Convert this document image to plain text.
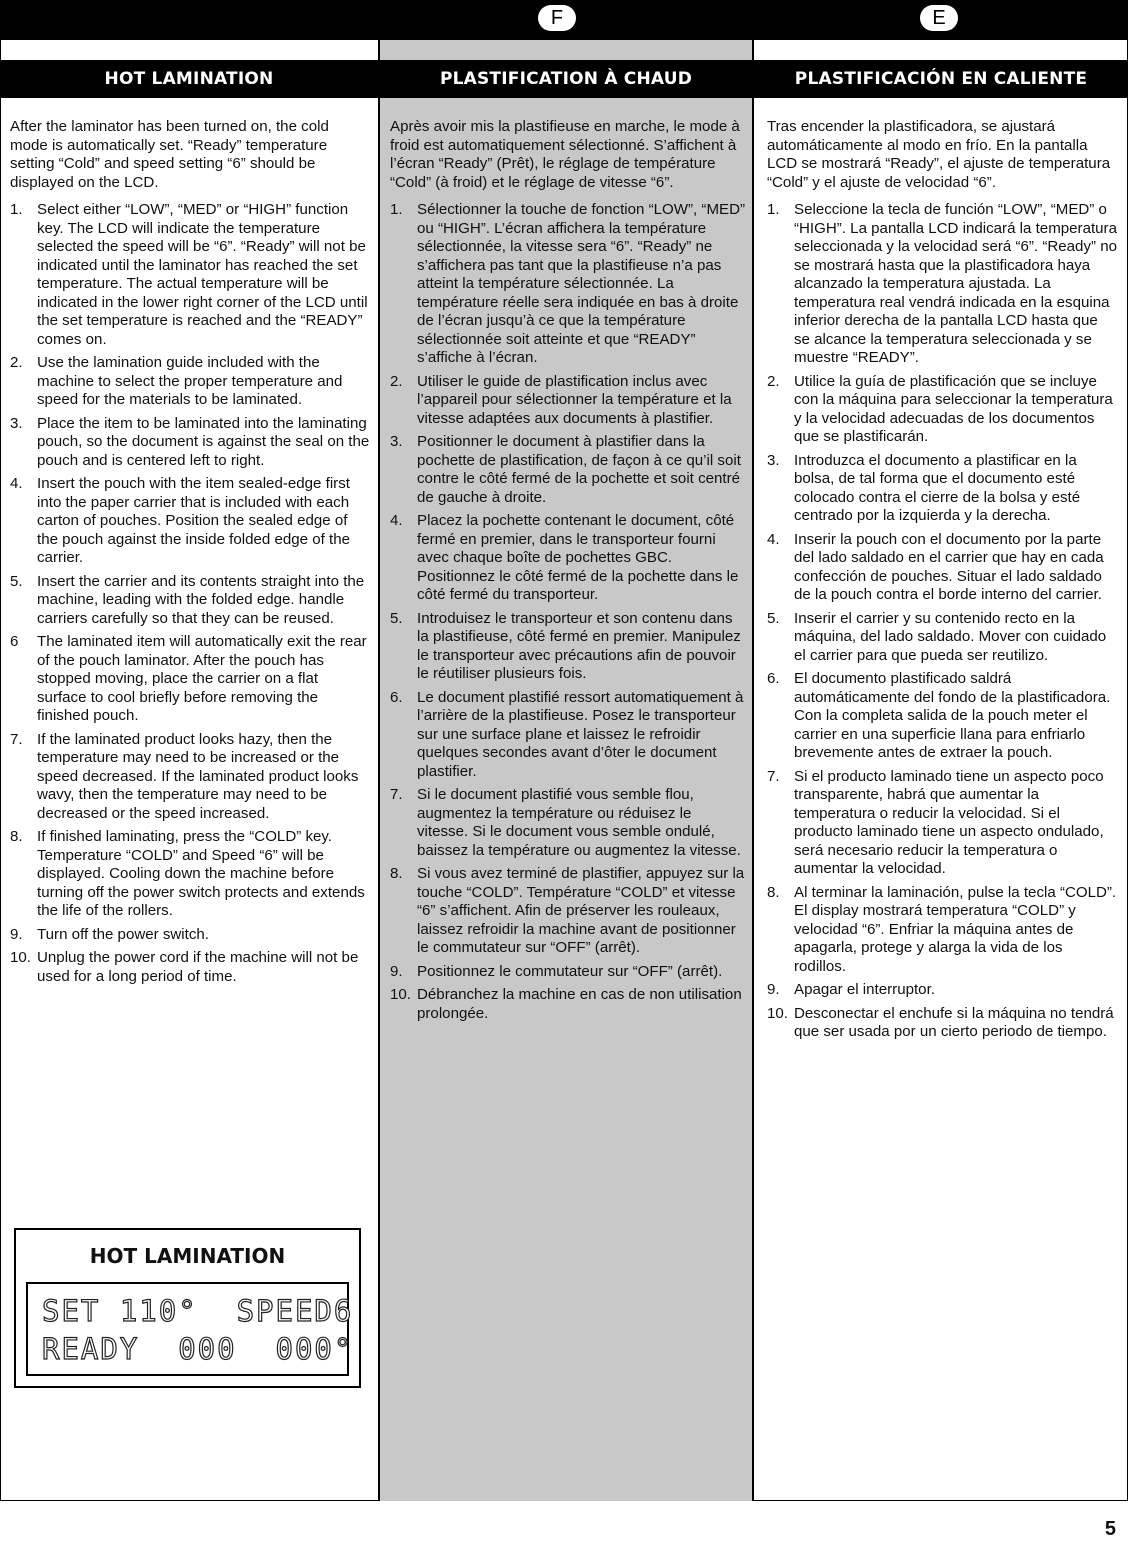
F	E
HOT LAMINATION	PLASTIFICATION À CHAUD	PLASTIFICACIÓN EN CALIENTE

After the laminator has been turned on, the cold mode is automatically set. “Ready” temperature setting “Cold” and speed setting “6” should be displayed on the LCD.

1. Select either “LOW”, “MED” or “HIGH” function key. The LCD will indicate the temperature selected the speed will be “6”. “Ready” will not be indicated until the laminator has reached the set temperature. The actual temperature will be indicated in the lower right corner of the LCD until the set temperature is reached and the “READY” comes on.
2. Use the lamination guide included with the machine to select the proper temperature and speed for the materials to be laminated.
3. Place the item to be laminated into the laminating pouch, so the document is against the seal on the pouch and is centered left to right.
4. Insert the pouch with the item sealed-edge first into the paper carrier that is included with each carton of pouches. Position the sealed edge of the pouch against the inside folded edge of the carrier.
5. Insert the carrier and its contents straight into the machine, leading with the folded edge. handle carriers carefully so that they can be reused.
6	The laminated item will automatically exit the rear of the pouch laminator. After the pouch has stopped moving, place the carrier on a flat surface to cool briefly before removing the finished pouch.
7. If the laminated product looks hazy, then the temperature may need to be increased or the speed decreased. If the laminated product looks wavy, then the temperature may need to be decreased or the speed increased.
8. If finished laminating, press the “COLD” key. Temperature “COLD” and Speed “6” will be displayed. Cooling down the machine before turning off the power switch protects and extends the life of the rollers.
9. Turn off the power switch.
10. Unplug the power cord if the machine will not be used for a long period of time.

Après avoir mis la plastifieuse en marche, le mode à froid est automatiquement sélectionné. S’affichent à l’écran “Ready” (Prêt), le réglage de température “Cold” (à froid) et le réglage de vitesse “6”.

1. Sélectionner la touche de fonction “LOW”, “MED” ou “HIGH”. L’écran affichera la température sélectionnée, la vitesse sera “6”. “Ready” ne s’affichera pas tant que la plastifieuse n’a pas atteint la température sélectionnée. La température réelle sera indiquée en bas à droite de l’écran jusqu’à ce que la température sélectionnée soit atteinte et que “READY” s’affiche à l’écran.
2. Utiliser le guide de plastification inclus avec l’appareil pour sélectionner la température et la vitesse adaptées aux documents à plastifier.
3. Positionner le document à plastifier dans la pochette de plastification, de façon à ce qu’il soit contre le côté fermé de la pochette et soit centré de gauche à droite.
4. Placez la pochette contenant le document, côté fermé en premier, dans le transporteur fourni avec chaque boîte de pochettes GBC. Positionnez le côté fermé de la pochette dans le côté fermé du transporteur.
5. Introduisez le transporteur et son contenu dans la plastifieuse, côté fermé en premier. Manipulez le transporteur avec précautions afin de pouvoir le réutiliser plusieurs fois.
6. Le document plastifié ressort automatiquement à l’arrière de la plastifieuse. Posez le transporteur sur une surface plane et laissez le refroidir quelques secondes avant d’ôter le document plastifier.
7. Si le document plastifié vous semble flou, augmentez la température ou réduisez le vitesse. Si le document vous semble ondulé, baissez la température ou augmentez la vitesse.
8. Si vous avez terminé de plastifier, appuyez sur la touche “COLD”. Température “COLD” et vitesse “6” s’affichent. Afin de préserver les rouleaux, laissez refroidir la machine avant de positionner le commutateur sur “OFF” (arrêt).
9. Positionnez le commutateur sur “OFF” (arrêt).
10. Débranchez la machine en cas de non utilisation prolongée.

Tras encender la plastificadora, se ajustará automáticamente al modo en frío. En la pantalla LCD se mostrará “Ready”, el ajuste de temperatura “Cold” y el ajuste de velocidad “6”.

1. Seleccione la tecla de función “LOW”, “MED” o “HIGH”. La pantalla LCD indicará la temperatura seleccionada y la velocidad será “6”. “Ready” no se mostrará hasta que la plastificadora haya alcanzado la temperatura ajustada. La temperatura real vendrá indicada en la esquina inferior derecha de la pantalla LCD hasta que se alcance la temperatura seleccionada y se muestre “READY”.
2. Utilice la guía de plastificación que se incluye con la máquina para seleccionar la temperatura y la velocidad adecuadas de los documentos que se plastificarán.
3. Introduzca el documento a plastificar en la bolsa, de tal forma que el documento esté colocado contra el cierre de la bolsa y esté centrado por la izquierda y la derecha.
4. Inserir la pouch con el documento por la parte del lado saldado en el carrier que hay en cada confección de pouches. Situar el lado saldado de la pouch contra el borde interno del carrier.
5. Inserir el carrier y su contenido recto en la máquina, del lado saldado. Mover con cuidado el carrier para que pueda ser reutilizo.
6. El documento plastificado saldrá automáticamente del fondo de la plastificadora. Con la completa salida de la pouch meter el carrier en una superficie llana para enfriarlo brevemente antes de extraer la pouch.
7. Si el producto laminado tiene un aspecto poco transparente, habrá que aumentar la temperatura o reducir la velocidad. Si el producto laminado tiene un aspecto ondulado, será necesario reducir la temperatura o aumentar la velocidad.
8. Al terminar la laminación, pulse la tecla “COLD”. El display mostrará temperatura “COLD” y velocidad “6”. Enfriar la máquina antes de apagarla, protege y alarga la vida de los rodillos.
9. Apagar el interruptor.
10. Desconectar el enchufe si la máquina no tendrá que ser usada por un cierto periodo de tiempo.
HOT LAMINATION
SET 110°  SPEED6
READY  000  000°
5
